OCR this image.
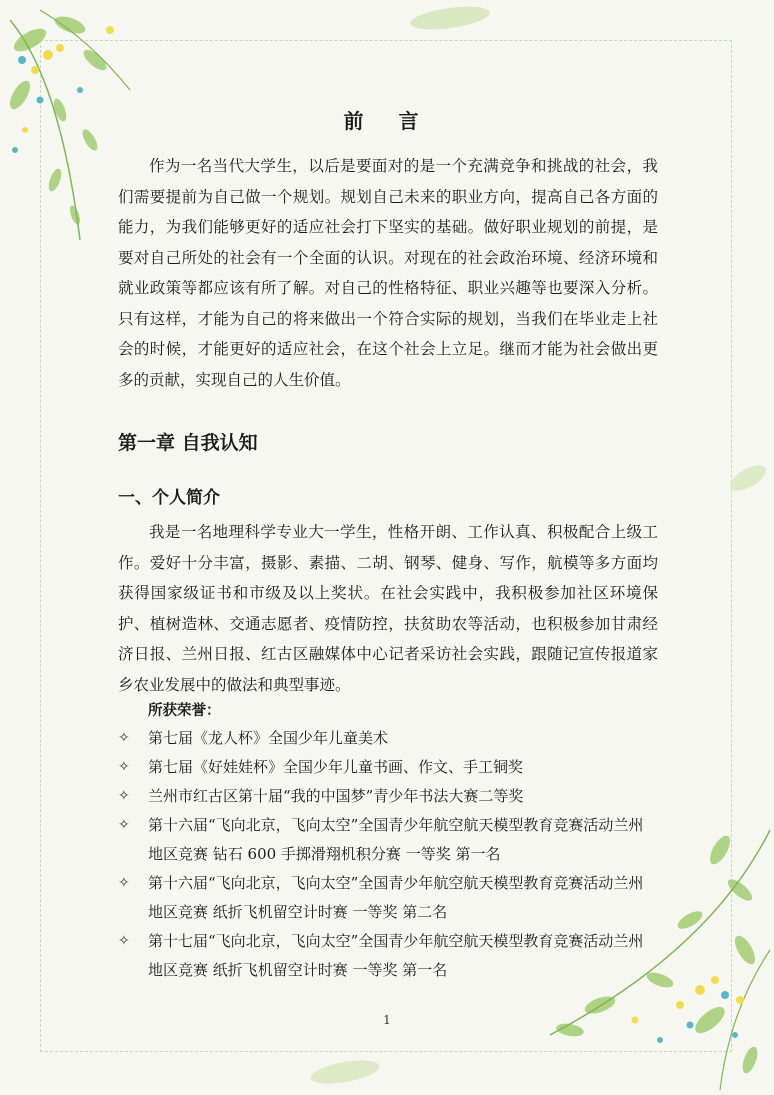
前 言

作为一名当代大学生，以后是要面对的是一个充满竞争和挑战的社会，我们需要提前为自己做一个规划。规划自己未来的职业方向，提高自己各方面的能力，为我们能够更好的适应社会打下坚实的基础。做好职业规划的前提，是要对自己所处的社会有一个全面的认识。对现在的社会政治环境、经济环境和就业政策等都应该有所了解。对自己的性格特征、职业兴趣等也要深入分析。只有这样，才能为自己的将来做出一个符合实际的规划，当我们在毕业走上社会的时候，才能更好的适应社会，在这个社会上立足。继而才能为社会做出更多的贡献，实现自己的人生价值。

第一章 自我认知
一、个人简介

我是一名地理科学专业大一学生，性格开朗、工作认真、积极配合上级工作。爱好十分丰富，摄影、素描、二胡、钢琴、健身、写作，航模等多方面均获得国家级证书和市级及以上奖状。在社会实践中，我积极参加社区环境保护、植树造林、交通志愿者、疫情防控，扶贫助农等活动，也积极参加甘肃经济日报、兰州日报、红古区融媒体中心记者采访社会实践，跟随记宣传报道家乡农业发展中的做法和典型事迹。

所获荣誉：
✧ 第七届《龙人杯》全国少年儿童美术
✧ 第七届《好娃娃杯》全国少年儿童书画、作文、手工铜奖
✧ 兰州市红古区第十届“我的中国梦”青少年书法大赛二等奖
✧ 第十六届“飞向北京，飞向太空”全国青少年航空航天模型教育竞赛活动兰州地区竞赛 钻石 600 手掷滑翔机积分赛 一等奖 第一名
✧ 第十六届“飞向北京，飞向太空”全国青少年航空航天模型教育竞赛活动兰州地区竞赛 纸折飞机留空计时赛 一等奖 第二名
✧ 第十七届“飞向北京，飞向太空”全国青少年航空航天模型教育竞赛活动兰州地区竞赛 纸折飞机留空计时赛 一等奖 第一名
1
